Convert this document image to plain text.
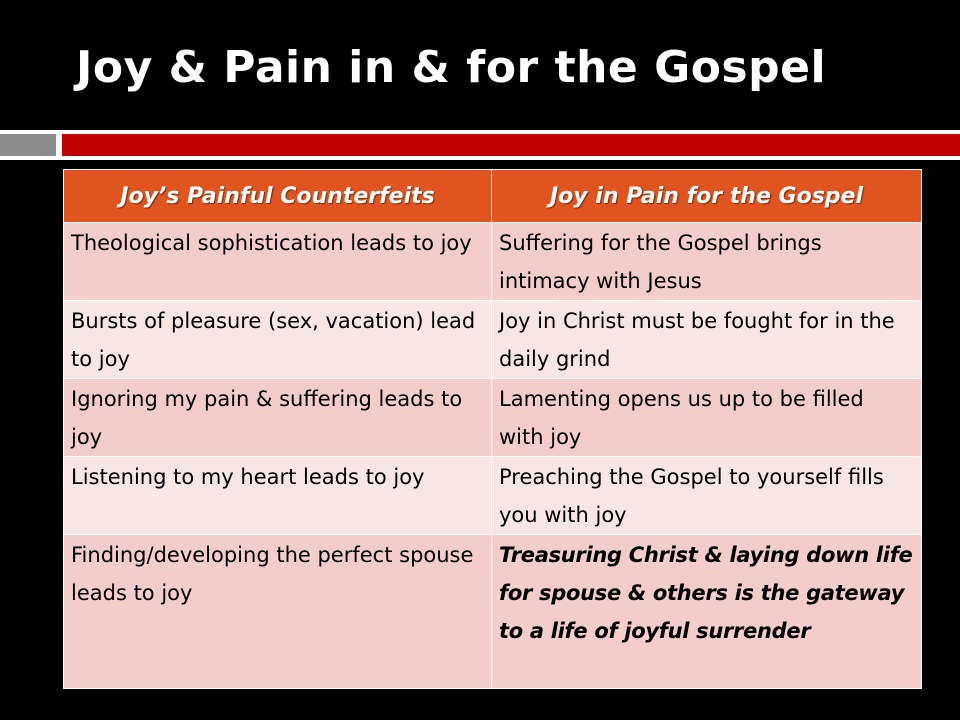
Joy & Pain in & for the Gospel
Joy’s Painful Counterfeits	Joy in Pain for the Gospel
Theological sophistication leads to joy	Suffering for the Gospel brings intimacy with Jesus
Bursts of pleasure (sex, vacation) lead to joy	Joy in Christ must be fought for in the daily grind
Ignoring my pain & suffering leads to joy	Lamenting opens us up to be filled with joy
Listening to my heart leads to joy	Preaching the Gospel to yourself fills you with joy
Finding/developing the perfect spouse leads to joy	Treasuring Christ & laying down life for spouse & others is the gateway to a life of joyful surrender
